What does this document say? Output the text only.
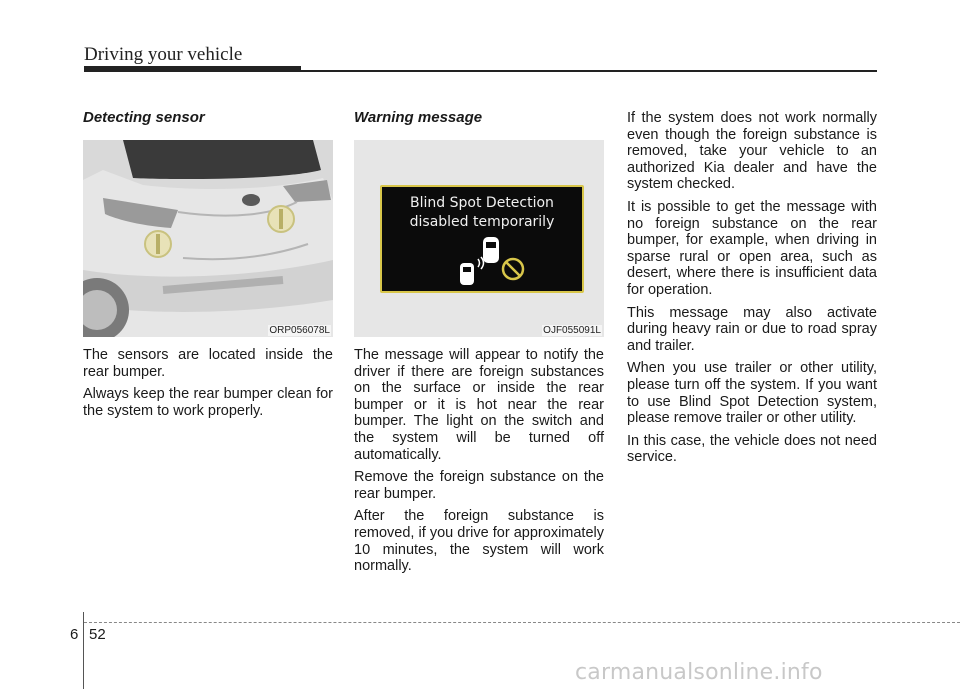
Driving your vehicle
Detecting sensor
ORP056078L

The sensors are located inside the rear bumper.

Always keep the rear bumper clean for the system to work properly.

Warning message
Blind Spot Detection
disabled temporarily
OJF055091L

The message will appear to notify the driver if there are foreign substances on the surface or inside the rear bumper or it is hot near the rear bumper. The light on the switch and the system will be turned off automatically.

Remove the foreign substance on the rear bumper.

After the foreign substance is removed, if you drive for approximately 10 minutes, the system will work normally.

If the system does not work normally even though the foreign substance is removed, take your vehicle to an authorized Kia dealer and have the system checked.

It is possible to get the message with no foreign substance on the rear bumper, for example, when driving in sparse rural or open area, such as desert, where there is insufficient data for operation.

This message may also activate during heavy rain or due to road spray and trailer.

When you use trailer or other utility, please turn off the system. If you want to use Blind Spot Detection system, please remove trailer or other utility.

In this case, the vehicle does not need service.

6 52
carmanualsonline.info
